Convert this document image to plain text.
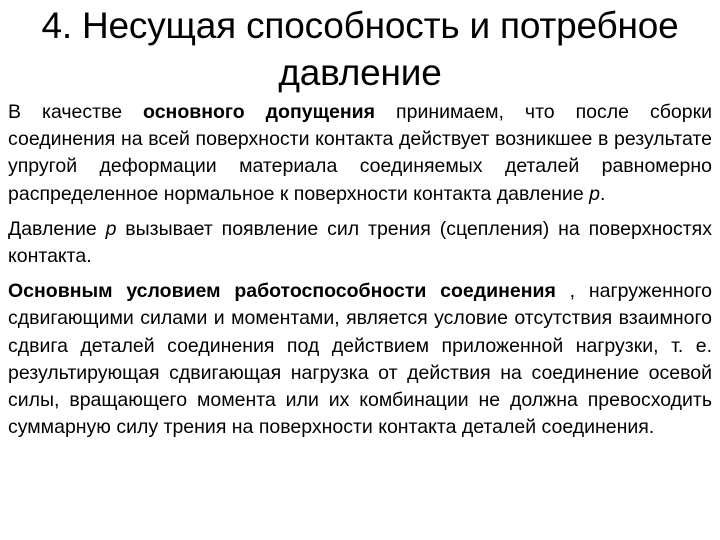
4. Несущая способность и потребное
давление

В качестве основного допущения принимаем, что после сборки соединения на всей поверхности контакта действует возникшее в результате упругой деформации материала соединяемых деталей равномерно распределенное нормальное к поверхности контакта давление p.

Давление p вызывает появление сил трения (сцепления) на поверхностях контакта.

Основным условием работоспособности соединения , нагруженного сдвигающими силами и моментами, является условие отсутствия взаимного сдвига деталей соединения под действием приложенной нагрузки, т. е. результирующая сдвигающая нагрузка от действия на соединение осевой силы, вращающего момента или их комбинации не должна превосходить суммарную силу трения на поверхности контакта деталей соединения.
